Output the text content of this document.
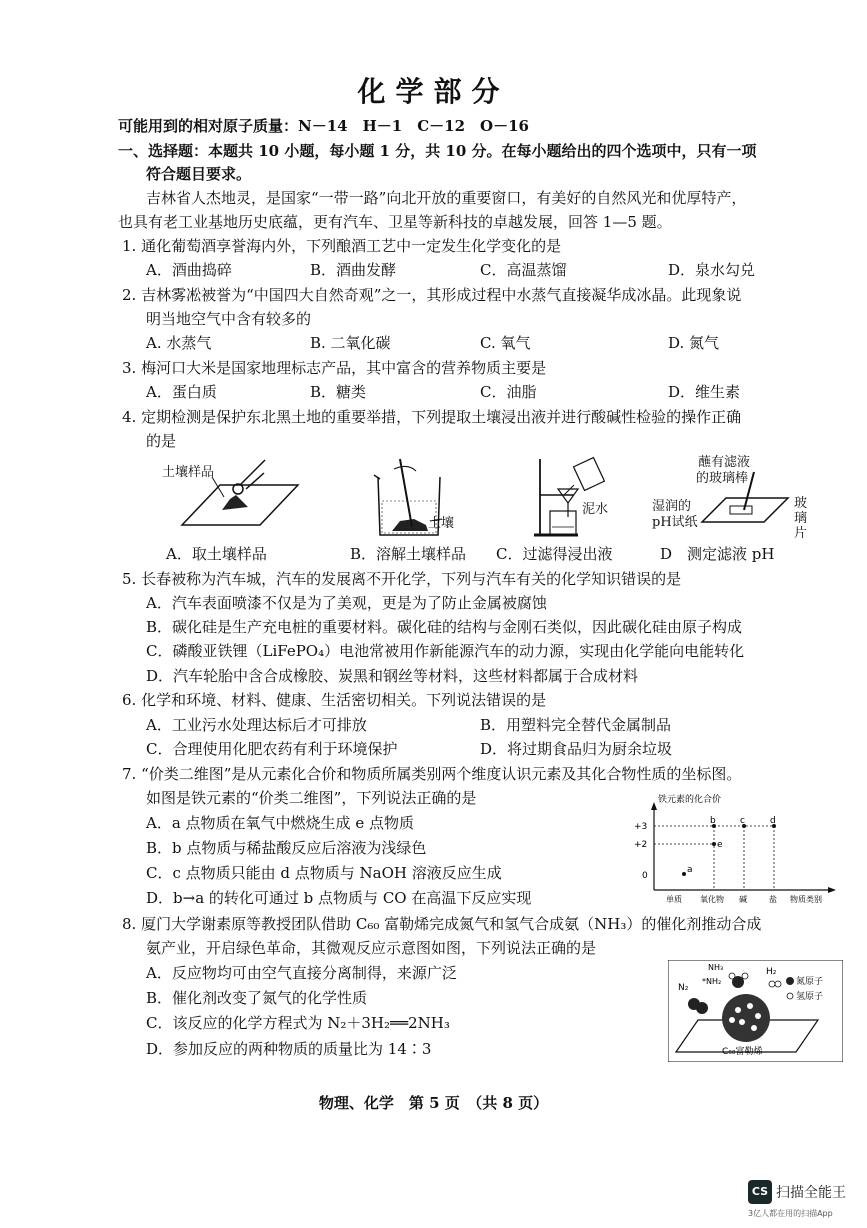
化学部分
可能用到的相对原子质量：N－14　H－1　C－12　O－16
一、选择题：本题共 10 小题，每小题 1 分，共 10 分。在每小题给出的四个选项中，只有一项
符合题目要求。
吉林省人杰地灵，是国家“一带一路”向北开放的重要窗口，有美好的自然风光和优厚特产，
也具有老工业基地历史底蕴，更有汽车、卫星等新科技的卓越发展，回答 1—5 题。
1. 通化葡萄酒享誉海内外，下列酿酒工艺中一定发生化学变化的是
A．酒曲捣碎	B．酒曲发酵	C．高温蒸馏	D．泉水勾兑
2. 吉林雾凇被誉为“中国四大自然奇观”之一，其形成过程中水蒸气直接凝华成冰晶。此现象说
明当地空气中含有较多的
A. 水蒸气	B. 二氧化碳	C. 氧气	D. 氮气
3. 梅河口大米是国家地理标志产品，其中富含的营养物质主要是
A．蛋白质	B．糖类	C．油脂	D．维生素
4. 定期检测是保护东北黑土地的重要举措，下列提取土壤浸出液并进行酸碱性检验的操作正确
的是
土壤样品
土壤
泥水
蘸有滤液
的玻璃棒
湿润的
pH试纸
玻
璃
片
A．取土壤样品	B．溶解土壤样品 C．过滤得浸出液	D　测定滤液 pH
5. 长春被称为汽车城，汽车的发展离不开化学，下列与汽车有关的化学知识错误的是
A．汽车表面喷漆不仅是为了美观，更是为了防止金属被腐蚀
B．碳化硅是生产充电桩的重要材料。碳化硅的结构与金刚石类似，因此碳化硅由原子构成
C．磷酸亚铁锂（LiFePO₄）电池常被用作新能源汽车的动力源，实现由化学能向电能转化
D．汽车轮胎中含合成橡胶、炭黑和钢丝等材料，这些材料都属于合成材料
6. 化学和环境、材料、健康、生活密切相关。下列说法错误的是
A．工业污水处理达标后才可排放	B．用塑料完全替代金属制品
C．合理使用化肥农药有利于环境保护	D．将过期食品归为厨余垃圾
7. “价类二维图”是从元素化合价和物质所属类别两个维度认识元素及其化合物性质的坐标图。
如图是铁元素的“价类二维图”，下列说法正确的是
A．a 点物质在氧气中燃烧生成 e 点物质
B．b 点物质与稀盐酸反应后溶液为浅绿色
C．c 点物质只能由 d 点物质与 NaOH 溶液反应生成
D．b→a 的转化可通过 b 点物质与 CO 在高温下反应实现
铁元素的化合价
+3
+2
0
a
b	c	d
e
单质 氧化物 碱	盐 物质类别
8. 厦门大学谢素原等教授团队借助 C₆₀ 富勒烯完成氮气和氢气合成氨（NH₃）的催化剂推动合成
氨产业，开启绿色革命，其微观反应示意图如图，下列说法正确的是
A．反应物均可由空气直接分离制得，来源广泛
B．催化剂改变了氮气的化学性质
C．该反应的化学方程式为 N₂＋3H₂══2NH₃
D．参加反应的两种物质的质量比为 14∶3
N₂
NH₃
*NH₂
H₂
氮原子
氢原子
C₆₀富勒烯
物理、化学　第 5 页　（共 8 页）
CS 扫描全能王
3亿人都在用的扫描App
